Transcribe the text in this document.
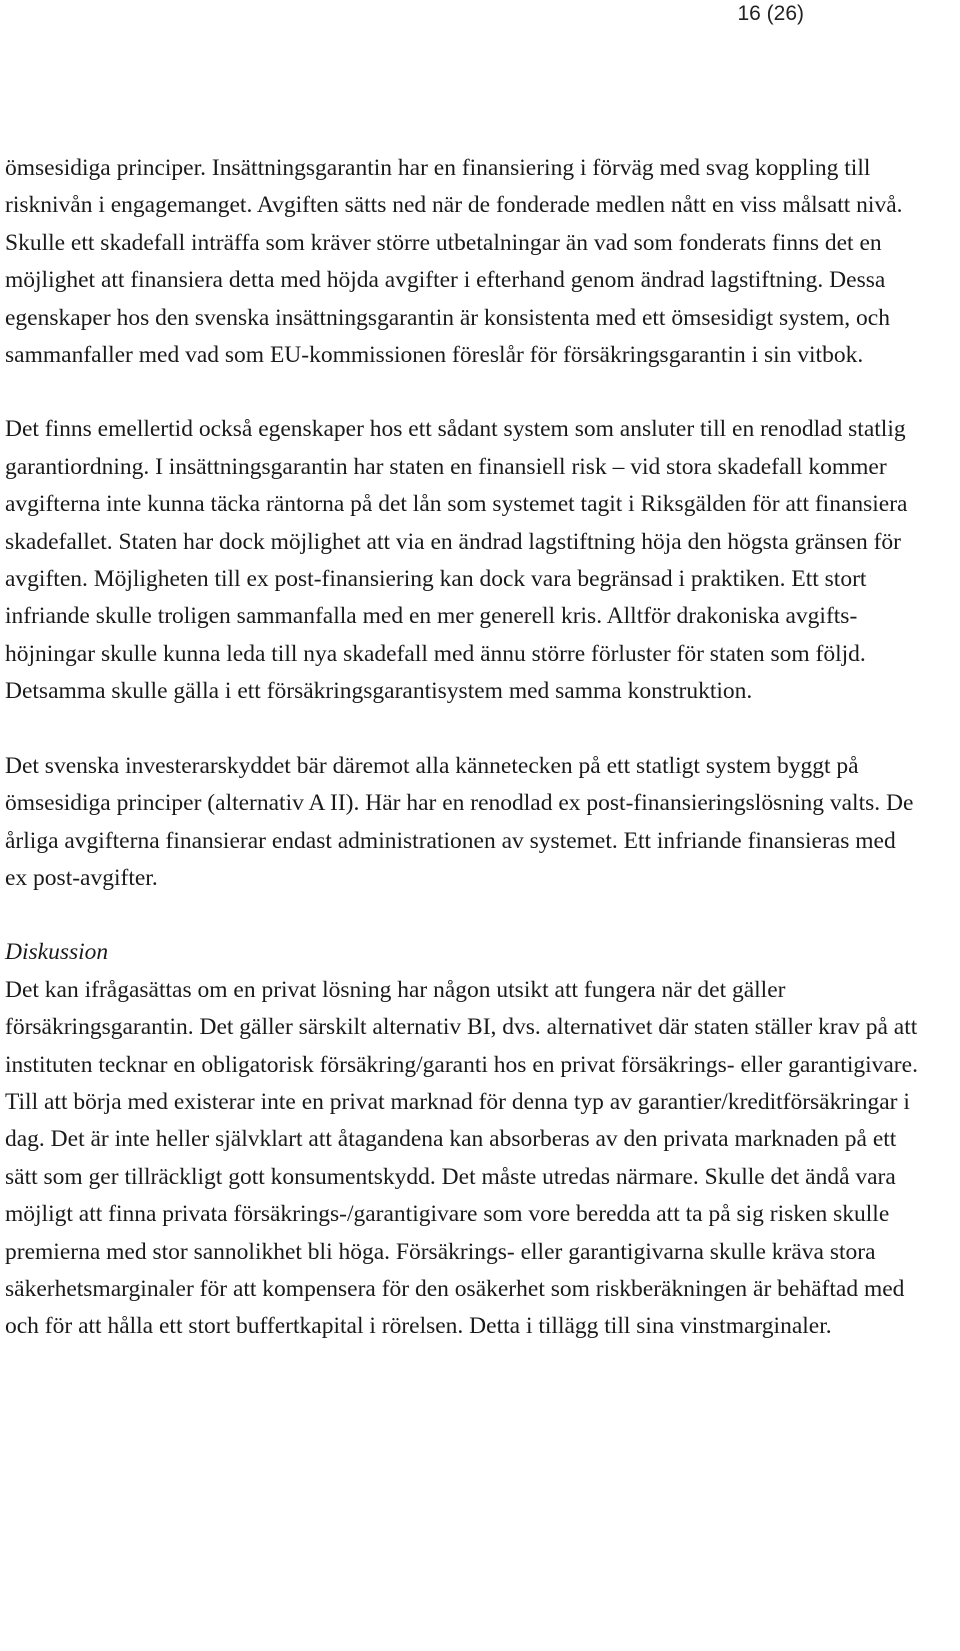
16 (26)

ömsesidiga principer. Insättningsgarantin har en finansiering i förväg med svag koppling till risknivån i engagemanget. Avgiften sätts ned när de fonderade medlen nått en viss målsatt nivå. Skulle ett skadefall inträffa som kräver större utbetalningar än vad som fonderats finns det en möjlighet att finansiera detta med höjda avgifter i efterhand genom ändrad lagstiftning. Dessa egenskaper hos den svenska insättningsgarantin är konsistenta med ett ömsesidigt system, och sammanfaller med vad som EU-kommissionen föreslår för försäkringsgarantin i sin vitbok.

Det finns emellertid också egenskaper hos ett sådant system som ansluter till en renodlad statlig garantiordning. I insättningsgarantin har staten en finansiell risk – vid stora skadefall kommer avgifterna inte kunna täcka räntorna på det lån som systemet tagit i Riksgälden för att finansiera skadefallet. Staten har dock möjlighet att via en ändrad lagstiftning höja den högsta gränsen för avgiften. Möjligheten till ex post-finansiering kan dock vara begränsad i praktiken. Ett stort infriande skulle troligen sammanfalla med en mer generell kris. Alltför drakoniska avgifts-höjningar skulle kunna leda till nya skadefall med ännu större förluster för staten som följd. Detsamma skulle gälla i ett försäkringsgarantisystem med samma konstruktion.

Det svenska investerarskyddet bär däremot alla kännetecken på ett statligt system byggt på ömsesidiga principer (alternativ A II). Här har en renodlad ex post-finansieringslösning valts. De årliga avgifterna finansierar endast administrationen av systemet. Ett infriande finansieras med ex post-avgifter.

Diskussion

Det kan ifrågasättas om en privat lösning har någon utsikt att fungera när det gäller försäkringsgarantin. Det gäller särskilt alternativ BI, dvs. alternativet där staten ställer krav på att instituten tecknar en obligatorisk försäkring/garanti hos en privat försäkrings- eller garantigivare. Till att börja med existerar inte en privat marknad för denna typ av garantier/kreditförsäkringar i dag. Det är inte heller självklart att åtagandena kan absorberas av den privata marknaden på ett sätt som ger tillräckligt gott konsumentskydd. Det måste utredas närmare. Skulle det ändå vara möjligt att finna privata försäkrings-/garantigivare som vore beredda att ta på sig risken skulle premierna med stor sannolikhet bli höga. Försäkrings- eller garantigivarna skulle kräva stora säkerhetsmarginaler för att kompensera för den osäkerhet som riskberäkningen är behäftad med och för att hålla ett stort buffertkapital i rörelsen. Detta i tillägg till sina vinstmarginaler.
